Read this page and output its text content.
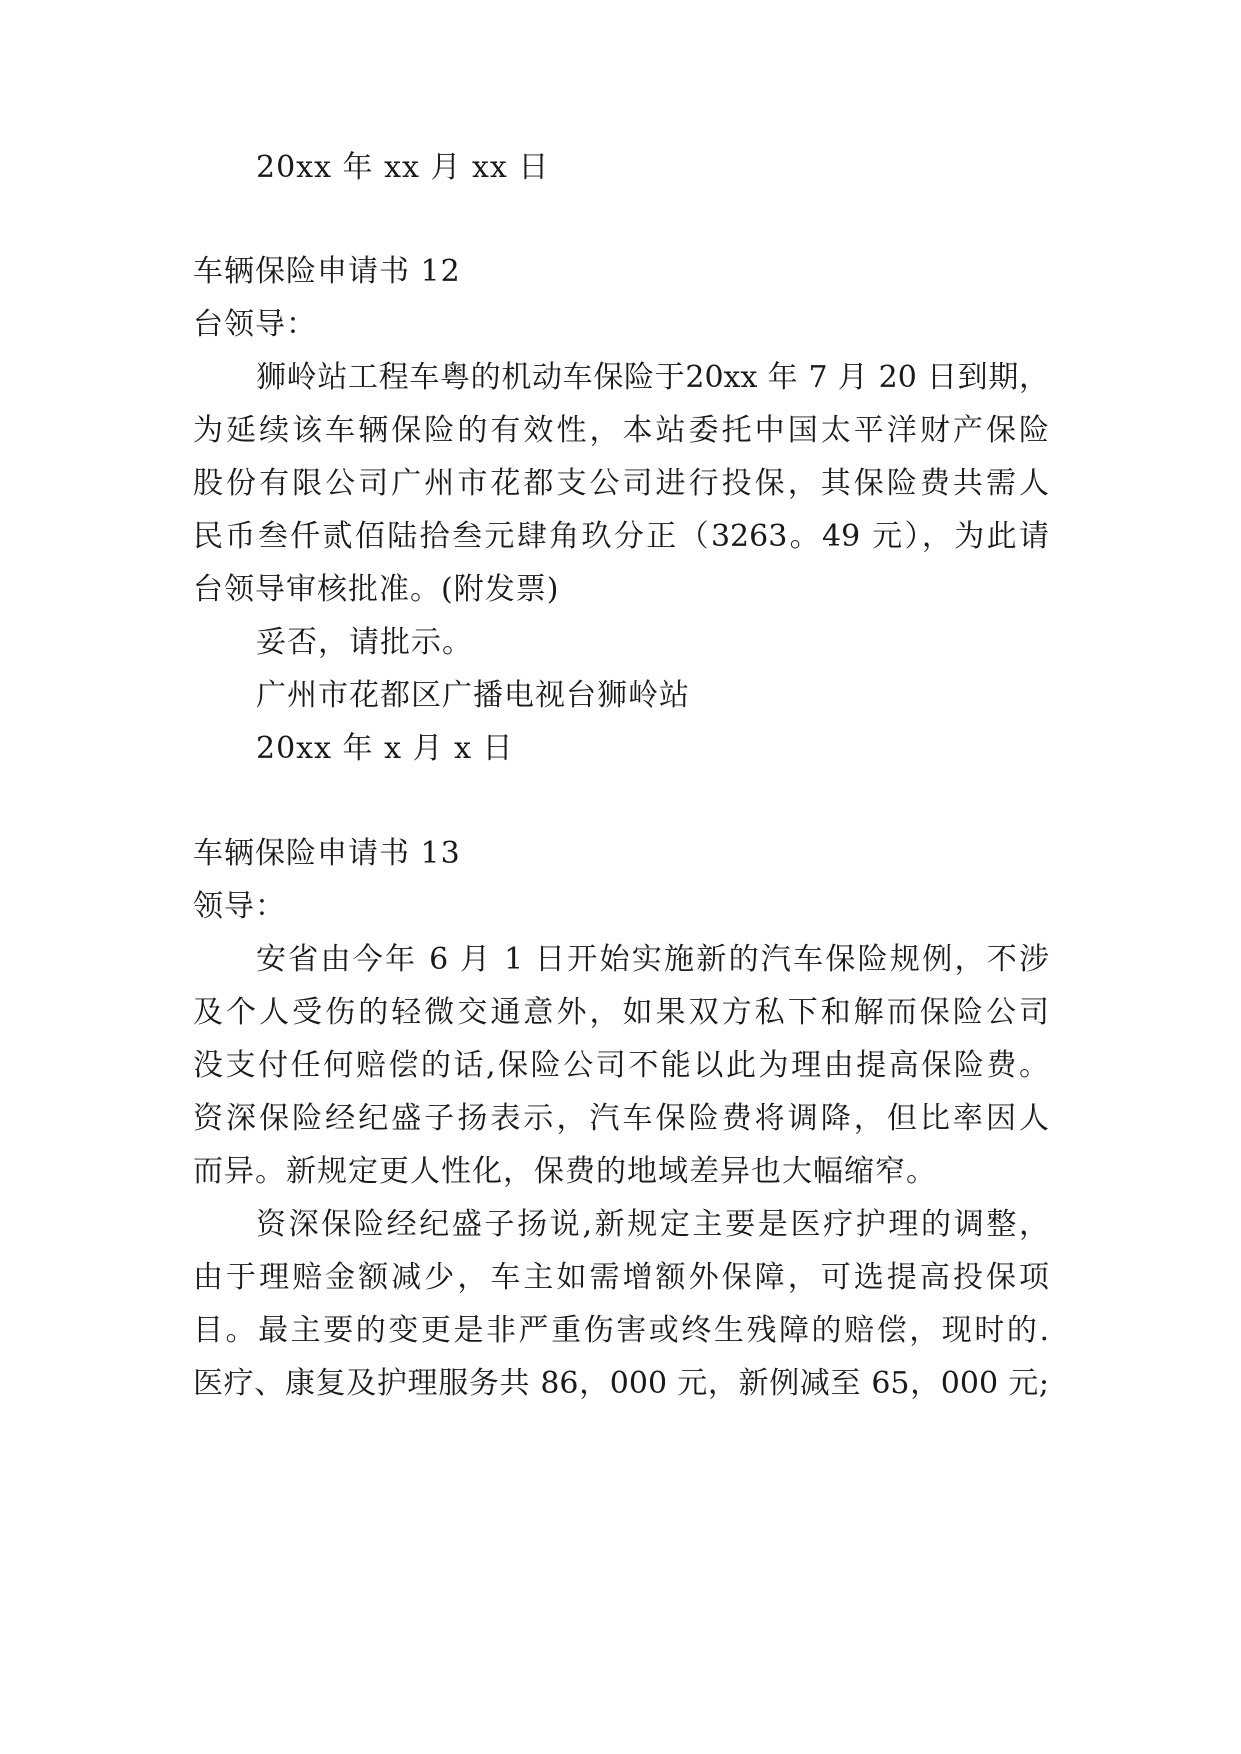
20xx 年 xx 月 xx 日
车辆保险申请书 12
台领导：
狮岭站工程车粤的机动车保险于20xx 年 7 月 20 日到期，
为延续该车辆保险的有效性，本站委托中国太平洋财产保险
股份有限公司广州市花都支公司进行投保，其保险费共需人
民币叁仟贰佰陆拾叁元肆角玖分正（3263。49 元），为此请
台领导审核批准。(附发票)
妥否，请批示。
广州市花都区广播电视台狮岭站
20xx 年 x 月 x 日
车辆保险申请书 13
领导：
安省由今年 6 月 1 日开始实施新的汽车保险规例，不涉
及个人受伤的轻微交通意外，如果双方私下和解而保险公司
没支付任何赔偿的话,保险公司不能以此为理由提高保险费。
资深保险经纪盛子扬表示，汽车保险费将调降，但比率因人
而异。新规定更人性化，保费的地域差异也大幅缩窄。
资深保险经纪盛子扬说,新规定主要是医疗护理的调整，
由于理赔金额减少，车主如需增额外保障，可选提高投保项
目。最主要的变更是非严重伤害或终生残障的赔偿，现时的.
医疗、康复及护理服务共 86，000 元，新例减至 65，000 元;
